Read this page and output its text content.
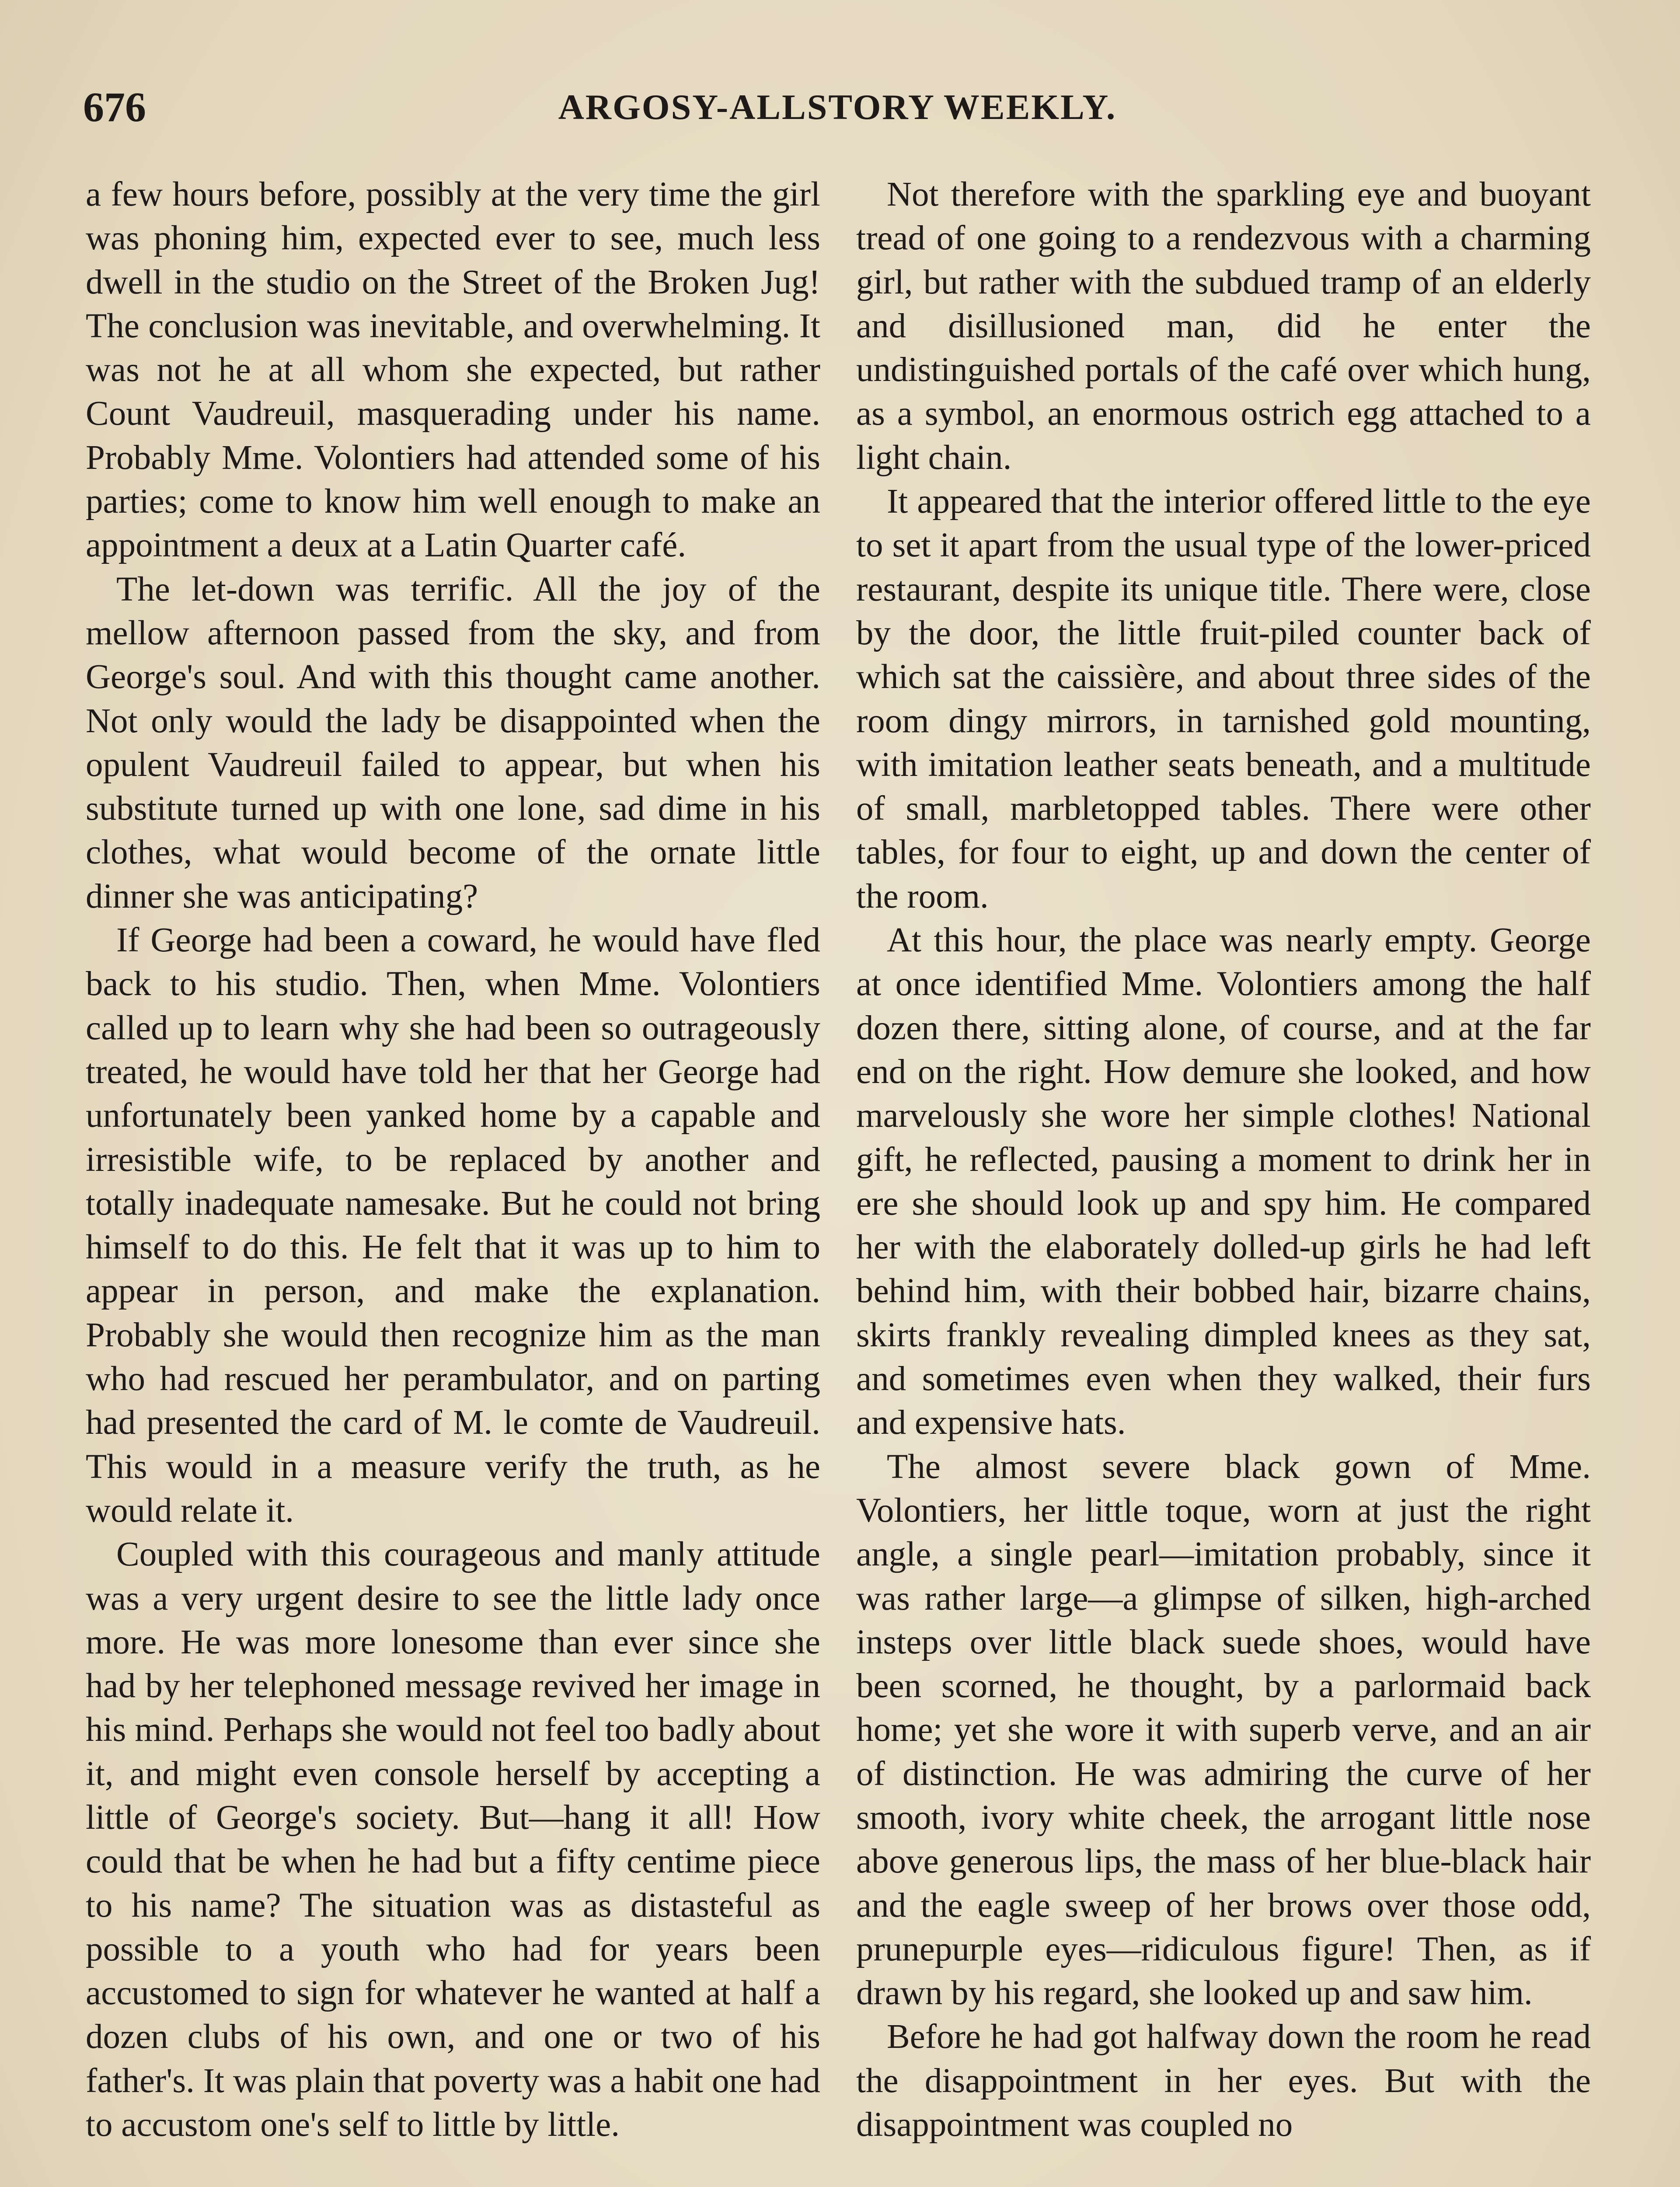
676	ARGOSY-ALLSTORY WEEKLY.

a few hours before, possibly at the very time the girl was phoning him, expected ever to see, much less dwell in the studio on the Street of the Broken Jug! The conclusion was inevitable, and overwhelming. It was not he at all whom she expected, but rather Count Vaudreuil, masquerading under his name. Probably Mme. Volontiers had attended some of his parties; come to know him well enough to make an appointment a deux at a Latin Quarter café.

The let-down was terrific. All the joy of the mellow afternoon passed from the sky, and from George's soul. And with this thought came another. Not only would the lady be disappointed when the opulent Vaudreuil failed to appear, but when his substitute turned up with one lone, sad dime in his clothes, what would become of the ornate little dinner she was anticipating?

If George had been a coward, he would have fled back to his studio. Then, when Mme. Volontiers called up to learn why she had been so outrageously treated, he would have told her that her George had unfortunately been yanked home by a capable and irresistible wife, to be replaced by another and totally inadequate namesake. But he could not bring himself to do this. He felt that it was up to him to appear in person, and make the explanation. Probably she would then recognize him as the man who had rescued her perambulator, and on parting had presented the card of M. le comte de Vaudreuil. This would in a measure verify the truth, as he would relate it.

Coupled with this courageous and manly attitude was a very urgent desire to see the little lady once more. He was more lonesome than ever since she had by her telephoned message revived her image in his mind. Perhaps she would not feel too badly about it, and might even console herself by accepting a little of George's society. But—hang it all! How could that be when he had but a fifty centime piece to his name? The situation was as distasteful as possible to a youth who had for years been accustomed to sign for whatever he wanted at half a dozen clubs of his own, and one or two of his father's. It was plain that poverty was a habit one had to accustom one's self to little by little.

Not therefore with the sparkling eye and buoyant tread of one going to a rendezvous with a charming girl, but rather with the subdued tramp of an elderly and disillusioned man, did he enter the undistinguished portals of the café over which hung, as a symbol, an enormous ostrich egg attached to a light chain.

It appeared that the interior offered little to the eye to set it apart from the usual type of the lower-priced restaurant, despite its unique title. There were, close by the door, the little fruit-piled counter back of which sat the caissière, and about three sides of the room dingy mirrors, in tarnished gold mounting, with imitation leather seats beneath, and a multitude of small, marbletopped tables. There were other tables, for four to eight, up and down the center of the room.

At this hour, the place was nearly empty. George at once identified Mme. Volontiers among the half dozen there, sitting alone, of course, and at the far end on the right. How demure she looked, and how marvelously she wore her simple clothes! National gift, he reflected, pausing a moment to drink her in ere she should look up and spy him. He compared her with the elaborately dolled-up girls he had left behind him, with their bobbed hair, bizarre chains, skirts frankly revealing dimpled knees as they sat, and sometimes even when they walked, their furs and expensive hats.

The almost severe black gown of Mme. Volontiers, her little toque, worn at just the right angle, a single pearl—imitation probably, since it was rather large—a glimpse of silken, high-arched insteps over little black suede shoes, would have been scorned, he thought, by a parlormaid back home; yet she wore it with superb verve, and an air of distinction. He was admiring the curve of her smooth, ivory white cheek, the arrogant little nose above generous lips, the mass of her blue-black hair and the eagle sweep of her brows over those odd, prunepurple eyes—ridiculous figure! Then, as if drawn by his regard, she looked up and saw him.

Before he had got halfway down the room he read the disappointment in her eyes. But with the disappointment was coupled no
